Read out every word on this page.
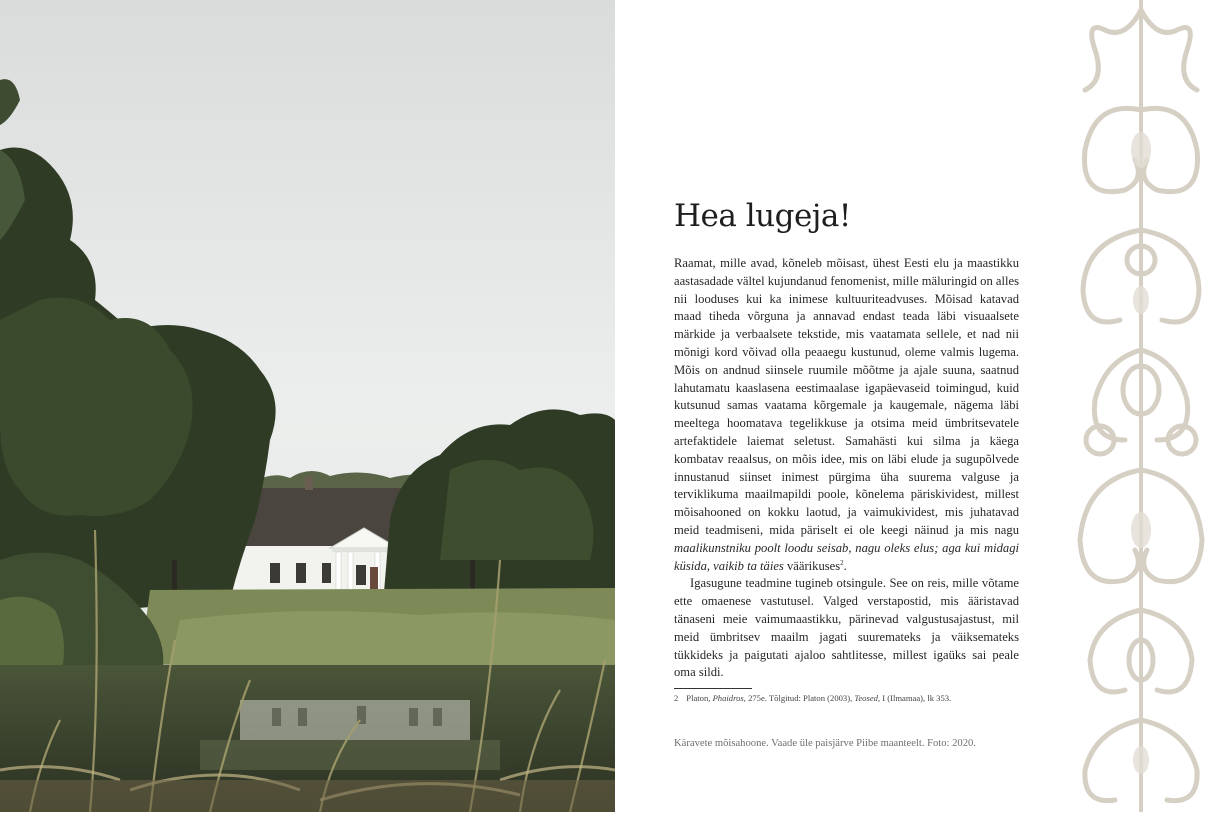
Hea lugeja!

Raamat, mille avad, kõneleb mõisast, ühest Eesti elu ja maastikku aastasadade vältel kujundanud fenomenist, mille mäluringid on alles nii looduses kui ka inimese kultuuriteadvuses. Mõisad katavad maad tiheda võrguna ja annavad endast teada läbi visuaalsete märkide ja verbaalsete tekstide, mis vaatamata sellele, et nad nii mõnigi kord võivad olla peaaegu kustunud, oleme valmis lugema. Mõis on andnud siinsele ruumile mõõtme ja ajale suuna, saatnud lahutamatu kaaslasena eestimaalase igapäevaseid toimingud, kuid kutsunud samas vaatama kõrgemale ja kaugemale, nägema läbi meeltega hoomatava tegelikkuse ja otsima meid ümbritsevatele artefaktidele laiemat seletust. Samahästi kui silma ja käega kombatav reaalsus, on mõis idee, mis on läbi elude ja sugupõlvede innustanud siinset inimest pürgima üha suurema valguse ja terviklikuma maailmapildi poole, kõnelema päriskividest, millest mõisahooned on kokku laotud, ja vaimukividest, mis juhatavad meid teadmiseni, mida päriselt ei ole keegi näinud ja mis nagu maalikunstniku poolt loodu seisab, nagu oleks elus; aga kui midagi küsida, vaikib ta täies väärikuses$^2$.

Igasugune teadmine tugineb otsingule. See on reis, mille võtame ette omaenese vastutusel. Valged verstapostid, mis ääristavad tänaseni meie vaimumaastikku, pärinevad valgustusajastust, mil meid ümbritsev maailm jagati suuremateks ja väiksemateks tükkideks ja paigutati ajaloo sahtlitesse, millest igaüks sai peale oma sildi.

2 Platon, Phaidros, 275e. Tõlgitud: Platon (2003), Teosed, I (Ilmamaa), lk 353.
Käravete mõisahoone. Vaade üle paisjärve Piibe maanteelt. Foto: 2020.
